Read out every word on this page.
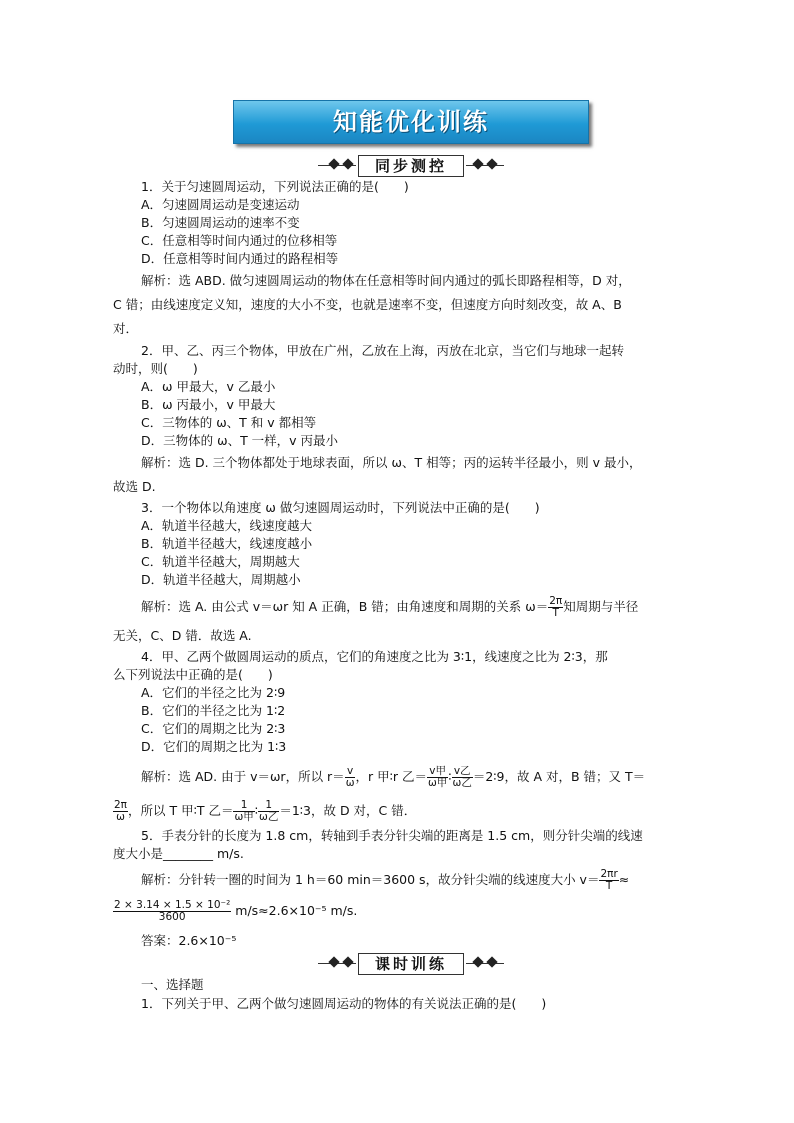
知能优化训练
同步测控
1．关于匀速圆周运动，下列说法正确的是(　　)
A．匀速圆周运动是变速运动
B．匀速圆周运动的速率不变
C．任意相等时间内通过的位移相等
D．任意相等时间内通过的路程相等
解析：选 ABD. 做匀速圆周运动的物体在任意相等时间内通过的弧长即路程相等，D 对，
C 错；由线速度定义知，速度的大小不变，也就是速率不变，但速度方向时刻改变，故 A、B
对．
2．甲、乙、丙三个物体，甲放在广州，乙放在上海，丙放在北京，当它们与地球一起转
动时，则(　　)
A．ω 甲最大，v 乙最小
B．ω 丙最小，v 甲最大
C．三物体的 ω、T 和 v 都相等
D．三物体的 ω、T 一样，v 丙最小
解析：选 D. 三个物体都处于地球表面，所以 ω、T 相等；丙的运转半径最小，则 v 最小，
故选 D.
3．一个物体以角速度 ω 做匀速圆周运动时，下列说法中正确的是(　　)
A．轨道半径越大，线速度越大
B．轨道半径越大，线速度越小
C．轨道半径越大，周期越大
D．轨道半径越大，周期越小
解析：选 A. 由公式 v＝ωr 知 A 正确，B 错；由角速度和周期的关系 $\omega= \frac{2\pi}{T}$ 知周期与半径
无关，C、D 错．故选 A.
4．甲、乙两个做圆周运动的质点，它们的角速度之比为 3∶1，线速度之比为 2∶3，那
么下列说法中正确的是(　　)
A．它们的半径之比为 2∶9
B．它们的半径之比为 1∶2
C．它们的周期之比为 2∶3
D．它们的周期之比为 1∶3
解析：选 AD. 由于 v＝ωr，所以 $r= \frac{v}{\omega}$ ，r 甲∶r 乙＝ $\frac{\text{v甲}}{\text{ω甲}}$ ∶ $\frac{\text{v乙}}{\text{ω乙}}$ ＝2∶9，故 A 对，B 错；又 T＝
$\frac{2\pi}{\omega}$ ，所以 T 甲∶T 乙＝ $\frac{1}{\text{ω甲}}$ ∶ $\frac{1}{\text{ω乙}}$ ＝1∶3，故 D 对，C 错．
5．手表分针的长度为 1.8 cm，转轴到手表分针尖端的距离是 1.5 cm，则分针尖端的线速
度大小是________ m/s.
解析：分针转一圈的时间为 1 h＝60 min＝3600 s，故分针尖端的线速度大小 $v= \frac{2\pi r}{T}$ ≈
$\frac{\text{2 × 3.14 × 1.5 × 10⁻²}}{3600} m/s\approx 2.6\times 10^{-5}$ m/s.
答案：2.6×10⁻⁵
课时训练
一、选择题
1．下列关于甲、乙两个做匀速圆周运动的物体的有关说法正确的是(　　)
